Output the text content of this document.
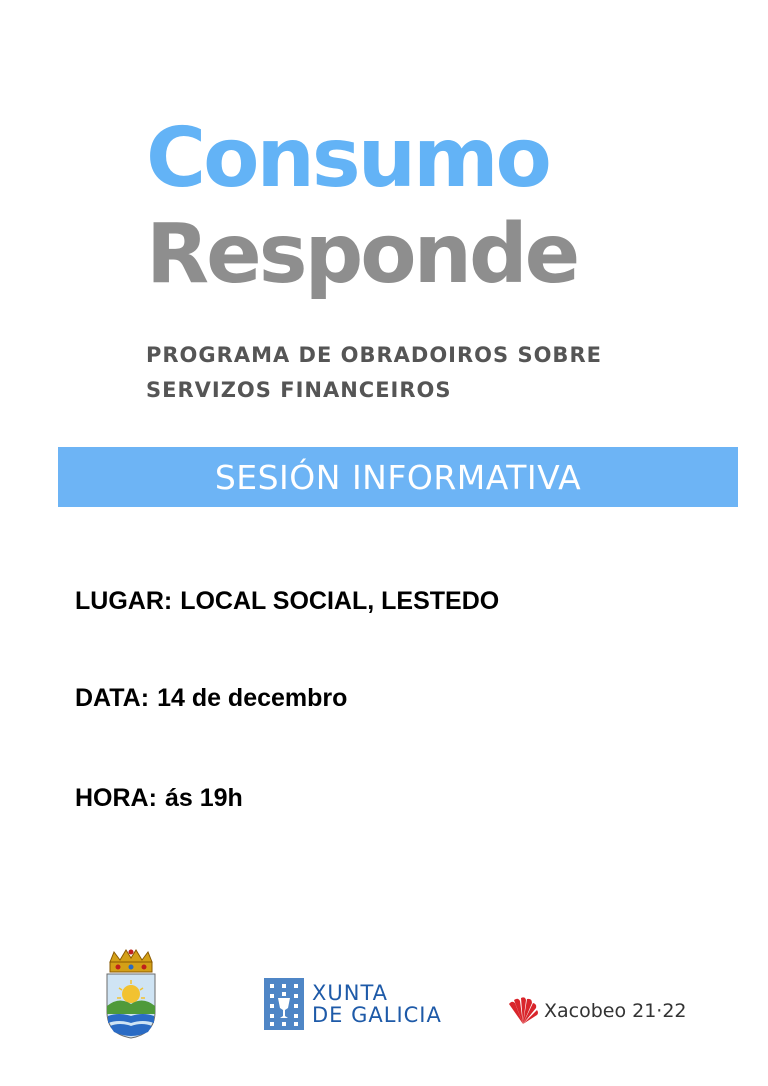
Consumo
Responde
PROGRAMA DE OBRADOIROS SOBRE
SERVIZOS FINANCEIROS
SESIÓN INFORMATIVA
LUGAR: LOCAL SOCIAL, LESTEDO
DATA: 14 de decembro
HORA: ás 19h
XUNTA
DE GALICIA	Xacobeo 21·22
